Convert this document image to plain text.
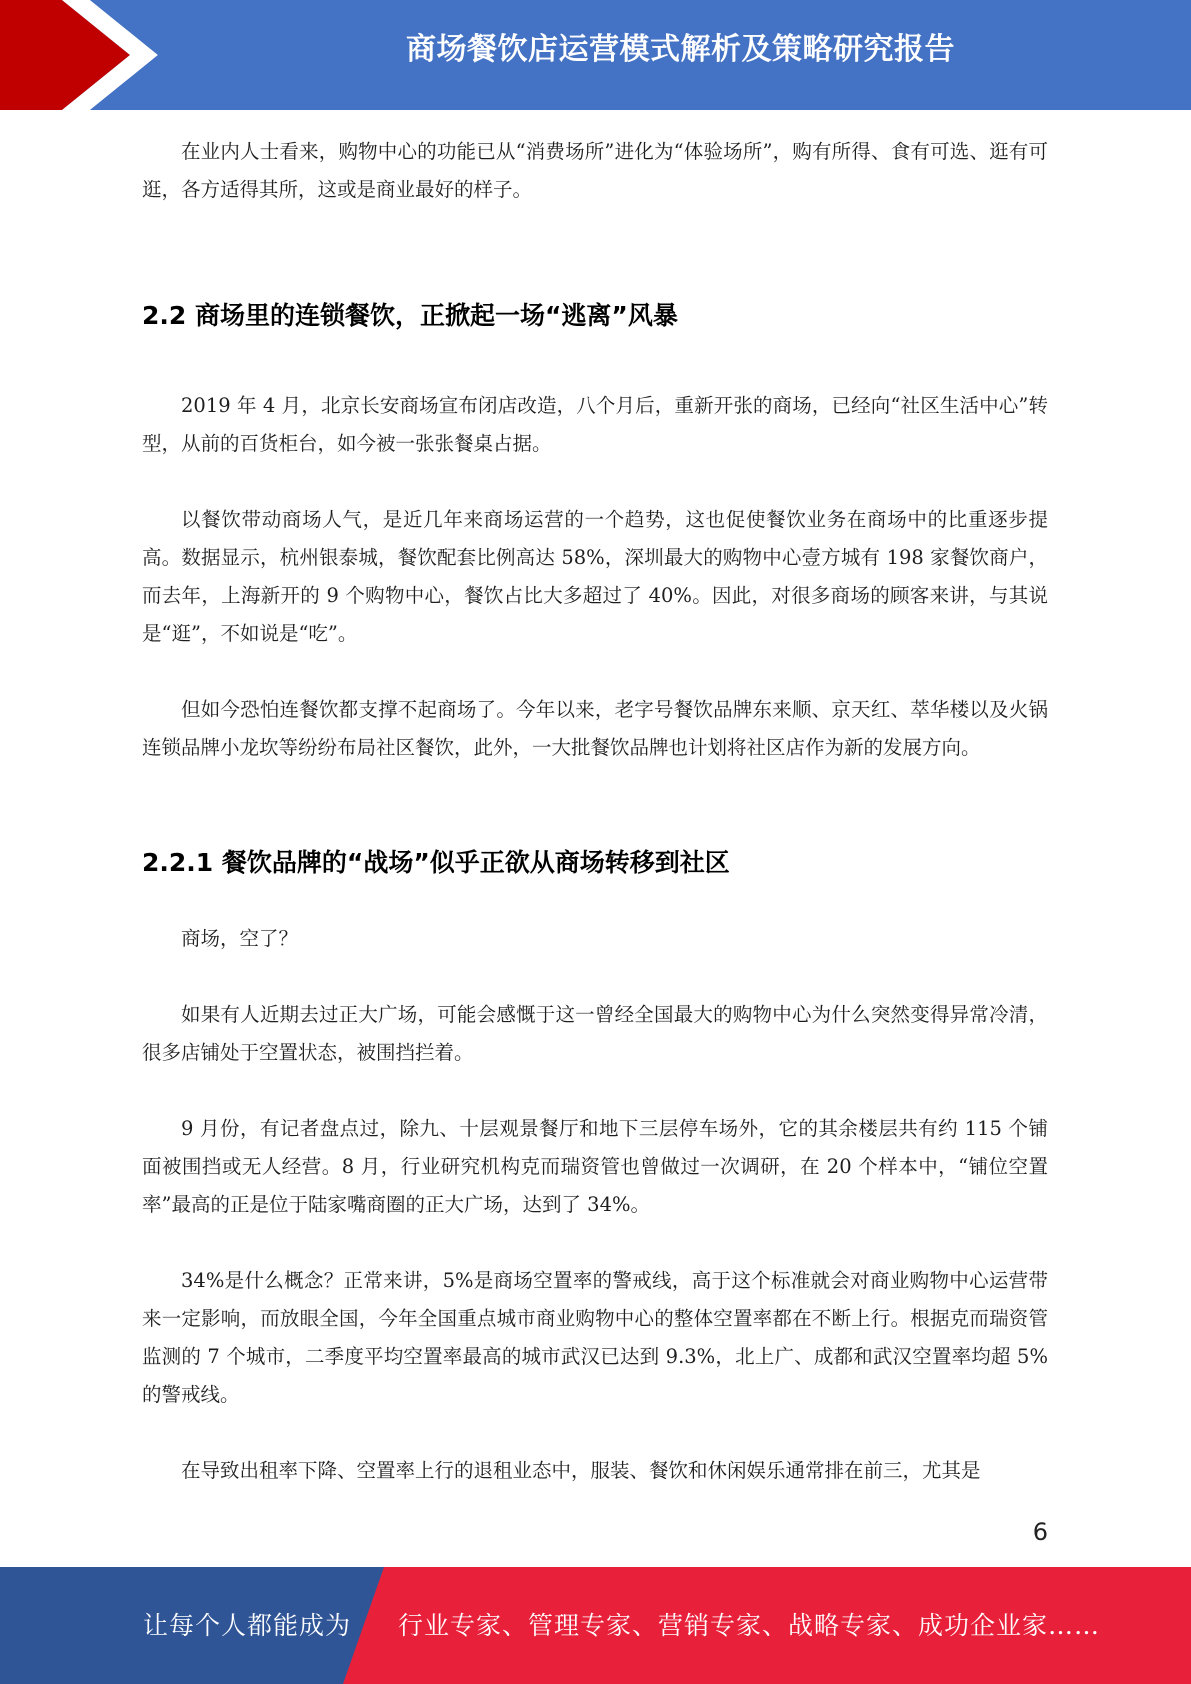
商场餐饮店运营模式解析及策略研究报告

在业内人士看来，购物中心的功能已从“消费场所”进化为“体验场所”，购有所得、食有可选、逛有可逛，各方适得其所，这或是商业最好的样子。

2.2 商场里的连锁餐饮，正掀起一场“逃离”风暴

2019 年 4 月，北京长安商场宣布闭店改造，八个月后，重新开张的商场，已经向“社区生活中心”转型，从前的百货柜台，如今被一张张餐桌占据。

以餐饮带动商场人气，是近几年来商场运营的一个趋势，这也促使餐饮业务在商场中的比重逐步提高。数据显示，杭州银泰城，餐饮配套比例高达 58%，深圳最大的购物中心壹方城有 198 家餐饮商户，而去年，上海新开的 9 个购物中心，餐饮占比大多超过了 40%。因此，对很多商场的顾客来讲，与其说是“逛”，不如说是“吃”。

但如今恐怕连餐饮都支撑不起商场了。今年以来，老字号餐饮品牌东来顺、京天红、萃华楼以及火锅连锁品牌小龙坎等纷纷布局社区餐饮，此外，一大批餐饮品牌也计划将社区店作为新的发展方向。

2.2.1 餐饮品牌的“战场”似乎正欲从商场转移到社区

商场，空了？

如果有人近期去过正大广场，可能会感慨于这一曾经全国最大的购物中心为什么突然变得异常冷清，很多店铺处于空置状态，被围挡拦着。

9 月份，有记者盘点过，除九、十层观景餐厅和地下三层停车场外，它的其余楼层共有约 115 个铺面被围挡或无人经营。8 月，行业研究机构克而瑞资管也曾做过一次调研，在 20 个样本中，“铺位空置率”最高的正是位于陆家嘴商圈的正大广场，达到了 34%。

34%是什么概念？正常来讲，5%是商场空置率的警戒线，高于这个标准就会对商业购物中心运营带来一定影响，而放眼全国，今年全国重点城市商业购物中心的整体空置率都在不断上行。根据克而瑞资管监测的 7 个城市，二季度平均空置率最高的城市武汉已达到 9.3%，北上广、成都和武汉空置率均超 5%的警戒线。

在导致出租率下降、空置率上行的退租业态中，服装、餐饮和休闲娱乐通常排在前三，尤其是

6
让每个人都能成为 行业专家、管理专家、营销专家、战略专家、成功企业家……
